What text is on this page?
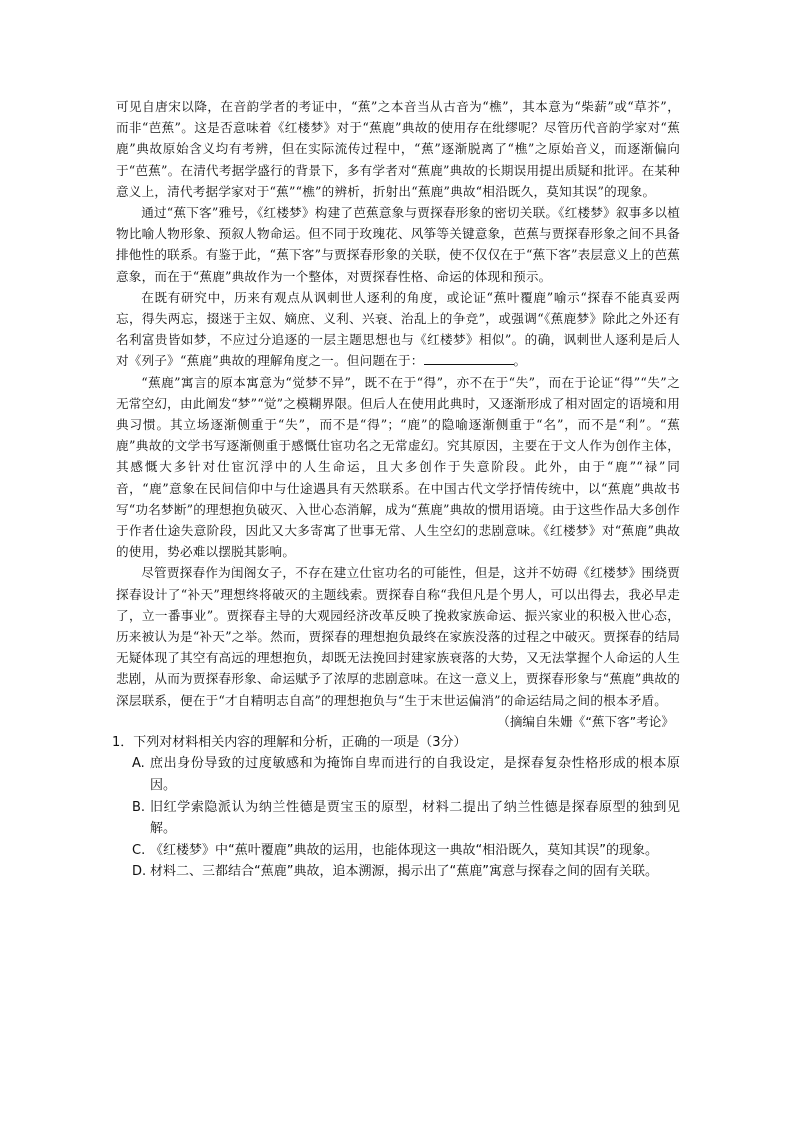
可见自唐宋以降，在音韵学者的考证中，“蕉”之本音当从古音为“樵”，其本意为“柴薪”或“草芥”，而非“芭蕉”。这是否意味着《红楼梦》对于“蕉鹿”典故的使用存在纰缪呢？尽管历代音韵学家对“蕉鹿”典故原始含义均有考辨，但在实际流传过程中，“蕉”逐渐脱离了“樵”之原始音义，而逐渐偏向于“芭蕉”。在清代考据学盛行的背景下，多有学者对“蕉鹿”典故的长期误用提出质疑和批评。在某种意义上，清代考据学家对于“蕉”“樵”的辨析，折射出“蕉鹿”典故“相沿既久，莫知其误”的现象。

通过“蕉下客”雅号，《红楼梦》构建了芭蕉意象与贾探春形象的密切关联。《红楼梦》叙事多以植物比喻人物形象、预叙人物命运。但不同于玫瑰花、风筝等关键意象，芭蕉与贾探春形象之间不具备排他性的联系。有鉴于此，“蕉下客”与贾探春形象的关联，使不仅仅在于“蕉下客”表层意义上的芭蕉意象，而在于“蕉鹿”典故作为一个整体，对贾探春性格、命运的体现和预示。

在既有研究中，历来有观点从讽刺世人逐利的角度，或论证“蕉叶覆鹿”喻示“探春不能真妥两忘，得失两忘，掇迷于主奴、嫡庶、义利、兴衰、治乱上的争竞”，或强调“《蕉鹿梦》除此之外还有名利富贵皆如梦，不应过分追逐的一层主题思想也与《红楼梦》相似”。的确，讽刺世人逐利是后人对《列子》“蕉鹿”典故的理解角度之一。但问题在于：	。

“蕉鹿”寓言的原本寓意为“觉梦不异”，既不在于“得”，亦不在于“失”，而在于论证“得”“失”之无常空幻，由此阐发“梦”“觉”之模糊界限。但后人在使用此典时，又逐渐形成了相对固定的语境和用典习惯。其立场逐渐侧重于“失”，而不是“得”；“鹿”的隐喻逐渐侧重于“名”，而不是“利”。“蕉鹿”典故的文学书写逐渐侧重于感慨仕宦功名之无常虚幻。究其原因，主要在于文人作为创作主体，其感慨大多针对仕宦沉浮中的人生命运，且大多创作于失意阶段。此外，由于“鹿”“禄”同音，“鹿”意象在民间信仰中与仕途遇具有天然联系。在中国古代文学抒情传统中，以“蕉鹿”典故书写“功名梦断”的理想抱负破灭、入世心态消解，成为“蕉鹿”典故的惯用语境。由于这些作品大多创作于作者仕途失意阶段，因此又大多寄寓了世事无常、人生空幻的悲剧意味。《红楼梦》对“蕉鹿”典故的使用，势必难以摆脱其影响。

尽管贾探春作为闺阁女子，不存在建立仕宦功名的可能性，但是，这并不妨碍《红楼梦》围绕贾探春设计了“补天”理想终将破灭的主题线索。贾探春自称“我但凡是个男人，可以出得去，我必早走了，立一番事业”。贾探春主导的大观园经济改革反映了挽救家族命运、振兴家业的积极入世心态，历来被认为是“补天”之举。然而，贾探春的理想抱负最终在家族没落的过程之中破灭。贾探春的结局无疑体现了其空有高远的理想抱负，却既无法挽回封建家族衰落的大势，又无法掌握个人命运的人生悲剧，从而为贾探春形象、命运赋予了浓厚的悲剧意味。在这一意义上，贾探春形象与“蕉鹿”典故的深层联系，便在于“才自精明志自高”的理想抱负与“生于末世运偏消”的命运结局之间的根本矛盾。

（摘编自朱姗《“蕉下客”考论》
1．下列对材料相关内容的理解和分析，正确的一项是（3分）
A. 庶出身份导致的过度敏感和为掩饰自卑而进行的自我设定，是探春复杂性格形成的根本原因。
B. 旧红学索隐派认为纳兰性德是贾宝玉的原型，材料二提出了纳兰性德是探春原型的独到见解。
C. 《红楼梦》中“蕉叶覆鹿”典故的运用，也能体现这一典故“相沿既久，莫知其误”的现象。
D. 材料二、三都结合“蕉鹿”典故，追本溯源，揭示出了“蕉鹿”寓意与探春之间的固有关联。
